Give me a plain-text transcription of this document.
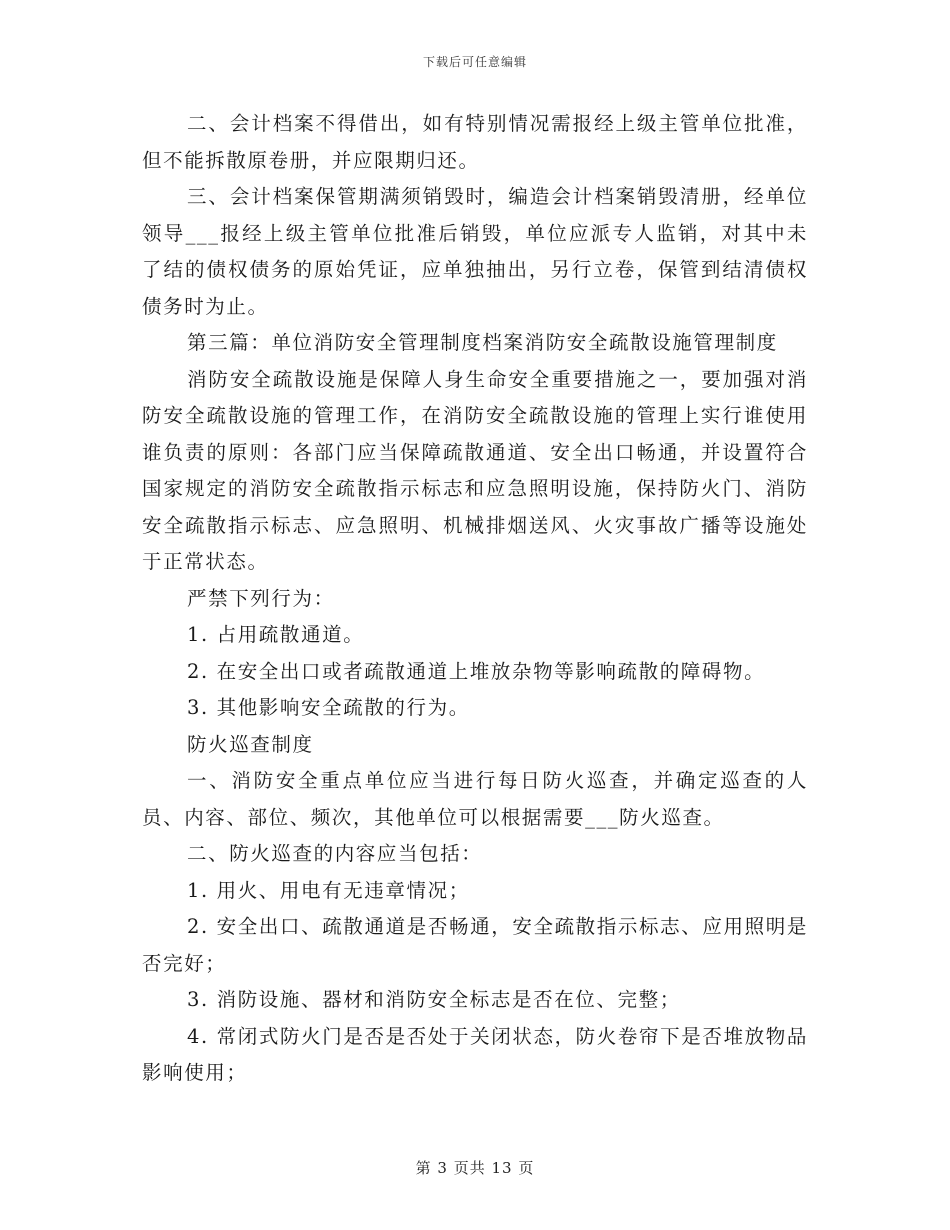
下载后可任意编辑

二、会计档案不得借出，如有特别情况需报经上级主管单位批准，但不能拆散原卷册，并应限期归还。

三、会计档案保管期满须销毁时，编造会计档案销毁清册，经单位领导___报经上级主管单位批准后销毁，单位应派专人监销，对其中未了结的债权债务的原始凭证，应单独抽出，另行立卷，保管到结清债权债务时为止。

第三篇：单位消防安全管理制度档案消防安全疏散设施管理制度

消防安全疏散设施是保障人身生命安全重要措施之一，要加强对消防安全疏散设施的管理工作，在消防安全疏散设施的管理上实行谁使用谁负责的原则：各部门应当保障疏散通道、安全出口畅通，并设置符合国家规定的消防安全疏散指示标志和应急照明设施，保持防火门、消防安全疏散指示标志、应急照明、机械排烟送风、火灾事故广播等设施处于正常状态。

严禁下列行为：

1. 占用疏散通道。

2. 在安全出口或者疏散通道上堆放杂物等影响疏散的障碍物。

3. 其他影响安全疏散的行为。

防火巡查制度

一、消防安全重点单位应当进行每日防火巡查，并确定巡查的人员、内容、部位、频次，其他单位可以根据需要___防火巡查。

二、防火巡查的内容应当包括：

1. 用火、用电有无违章情况；

2. 安全出口、疏散通道是否畅通，安全疏散指示标志、应用照明是否完好；

3. 消防设施、器材和消防安全标志是否在位、完整；

4. 常闭式防火门是否是否处于关闭状态，防火卷帘下是否堆放物品影响使用；

第 3 页共 13 页
